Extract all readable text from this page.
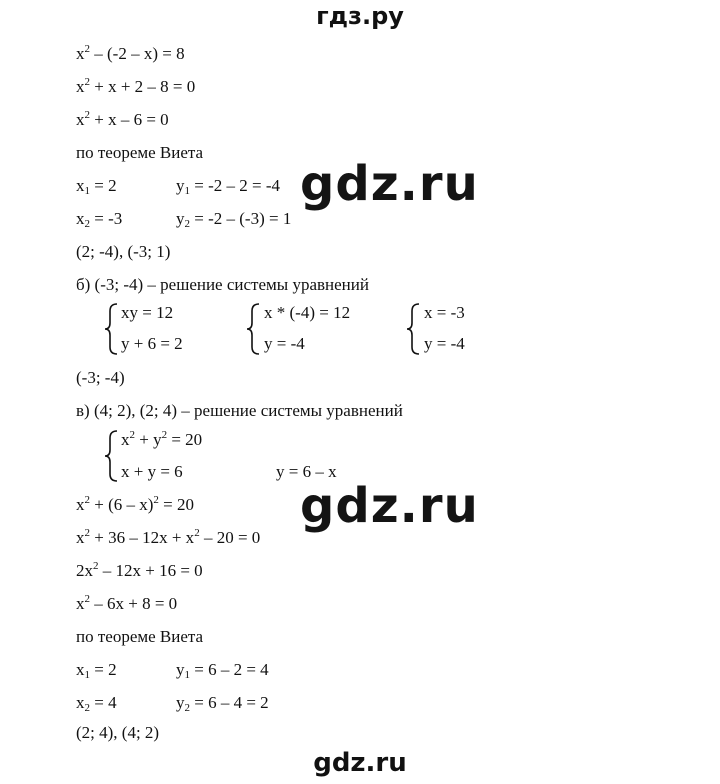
гдз.ру
gdz.ru
gdz.ru
$x^2 - (-2 - x) = 8$
$x^2 + x + 2 - 8 = 0$
$x^2 + x - 6 = 0$
по теореме Виета
$x_1 = 2$	$y_1 = -2 - 2 = -4$
$x_2 = -3$	$y_2 = -2 - (-3) = 1$
(2; -4), (-3; 1)
б) (-3; -4) – решение системы уравнений
xy = 12
y + 6 = 2
x * (-4) = 12
y = -4
x = -3
y = -4
(-3; -4)
в) (4; 2), (2; 4) – решение системы уравнений
$x^2 + y^2 = 20$
x + y = 6	y = 6 – x
$x^2 + (6 - x)^2 = 20$
$x^2 + 36 - 12x + x^2 - 20 = 0$
$2x^2 - 12x + 16 = 0$
$x^2 - 6x + 8 = 0$
по теореме Виета
$x_1 = 2$	$y_1 = 6 - 2 = 4$
$x_2 = 4$	$y_2 = 6 - 4 = 2$
(2; 4), (4; 2)
gdz.ru
